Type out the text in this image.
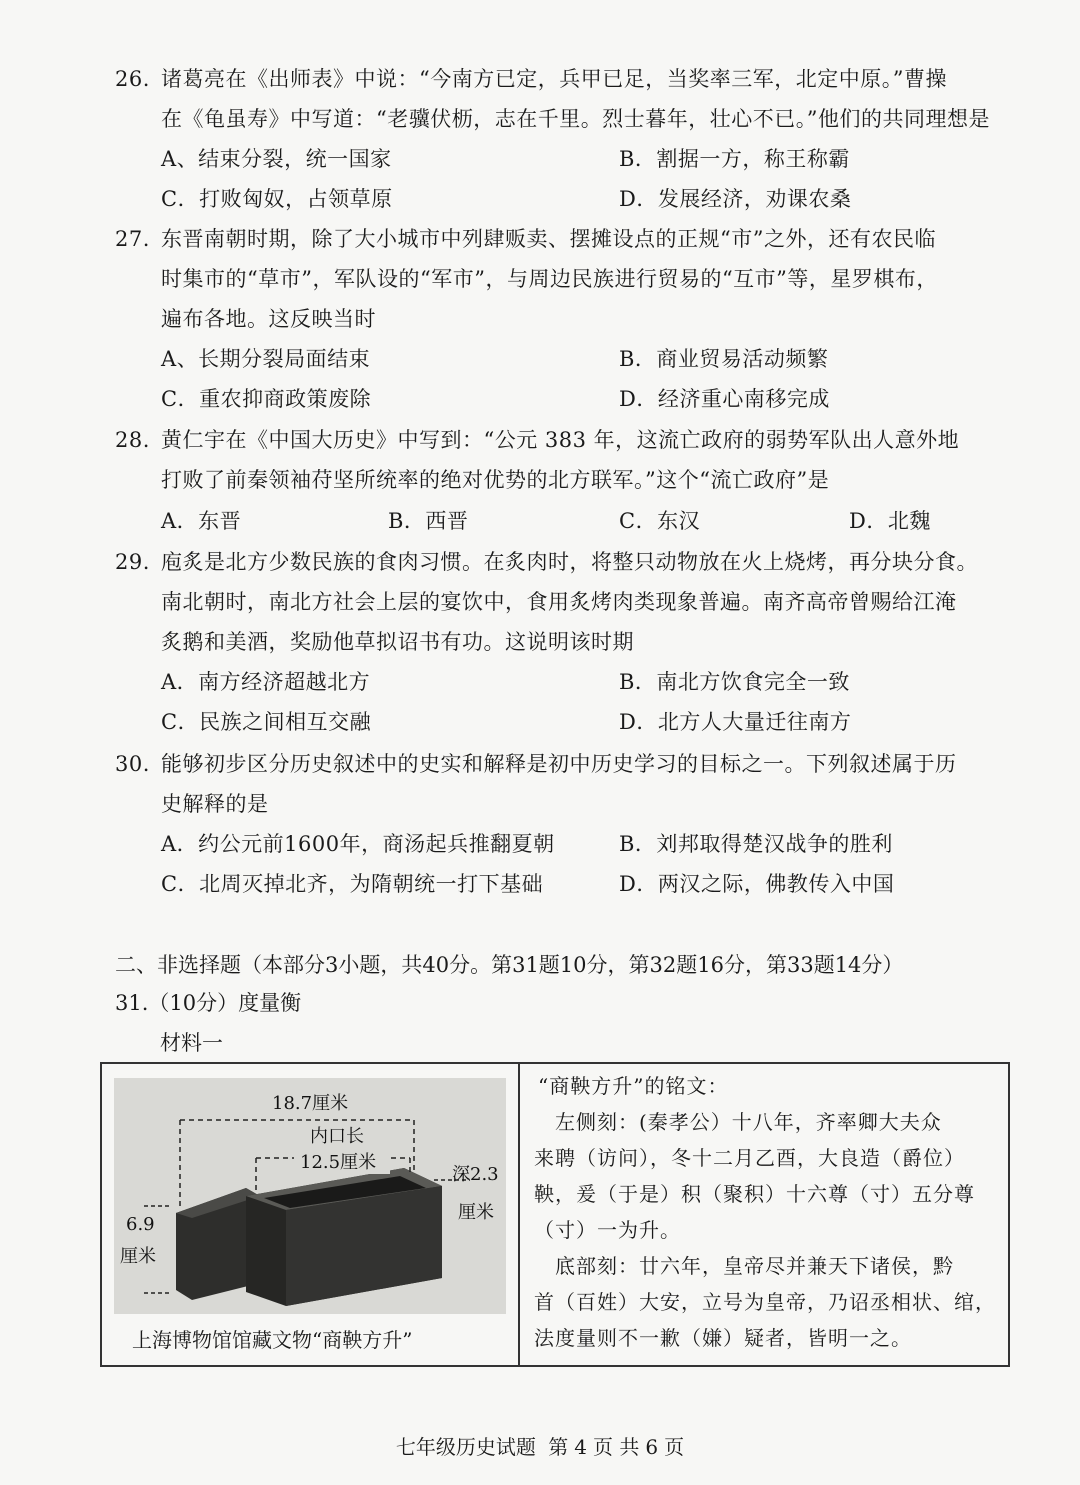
26. 诸葛亮在《出师表》中说：“今南方已定，兵甲已足，当奖率三军，北定中原。”曹操
在《龟虽寿》中写道：“老骥伏枥，志在千里。烈士暮年，壮心不已。”他们的共同理想是
A、结束分裂，统一国家	B．割据一方，称王称霸
C．打败匈奴，占领草原	D．发展经济，劝课农桑
27. 东晋南朝时期，除了大小城市中列肆贩卖、摆摊设点的正规“市”之外，还有农民临
时集市的“草市”，军队设的“军市”，与周边民族进行贸易的“互市”等，星罗棋布，
遍布各地。这反映当时
A、长期分裂局面结束	B．商业贸易活动频繁
C．重农抑商政策废除	D．经济重心南移完成
28. 黄仁宇在《中国大历史》中写到：“公元 383 年，这流亡政府的弱势军队出人意外地
打败了前秦领袖苻坚所统率的绝对优势的北方联军。”这个“流亡政府”是
A．东晋	B．西晋	C．东汉	D．北魏
29. 庖炙是北方少数民族的食肉习惯。在炙肉时，将整只动物放在火上烧烤，再分块分食。
南北朝时，南北方社会上层的宴饮中，食用炙烤肉类现象普遍。南齐高帝曾赐给江淹
炙鹅和美酒，奖励他草拟诏书有功。这说明该时期
A．南方经济超越北方	B．南北方饮食完全一致
C．民族之间相互交融	D．北方人大量迁往南方
30. 能够初步区分历史叙述中的史实和解释是初中历史学习的目标之一。下列叙述属于历
史解释的是
A．约公元前1600年，商汤起兵推翻夏朝	B．刘邦取得楚汉战争的胜利
C．北周灭掉北齐，为隋朝统一打下基础	D．两汉之际，佛教传入中国
二、非选择题（本部分3小题，共40分。第31题10分，第32题16分，第33题14分）
31.（10分）度量衡
材料一
18.7厘米
内口长
12.5厘米
深2.3
厘米
6.9
厘米
上海博物馆馆藏文物“商鞅方升”
“商鞅方升”的铭文：
　左侧刻：(秦孝公）十八年，齐率卿大夫众
来聘（访问），冬十二月乙酉，大良造（爵位）
鞅，爰（于是）积（聚积）十六尊（寸）五分尊
（寸）一为升。
　底部刻：廿六年，皇帝尽并兼天下诸侯，黔
首（百姓）大安，立号为皇帝，乃诏丞相状、绾，
法度量则不一歉（嫌）疑者，皆明一之。
七年级历史试题 第 4 页 共 6 页
